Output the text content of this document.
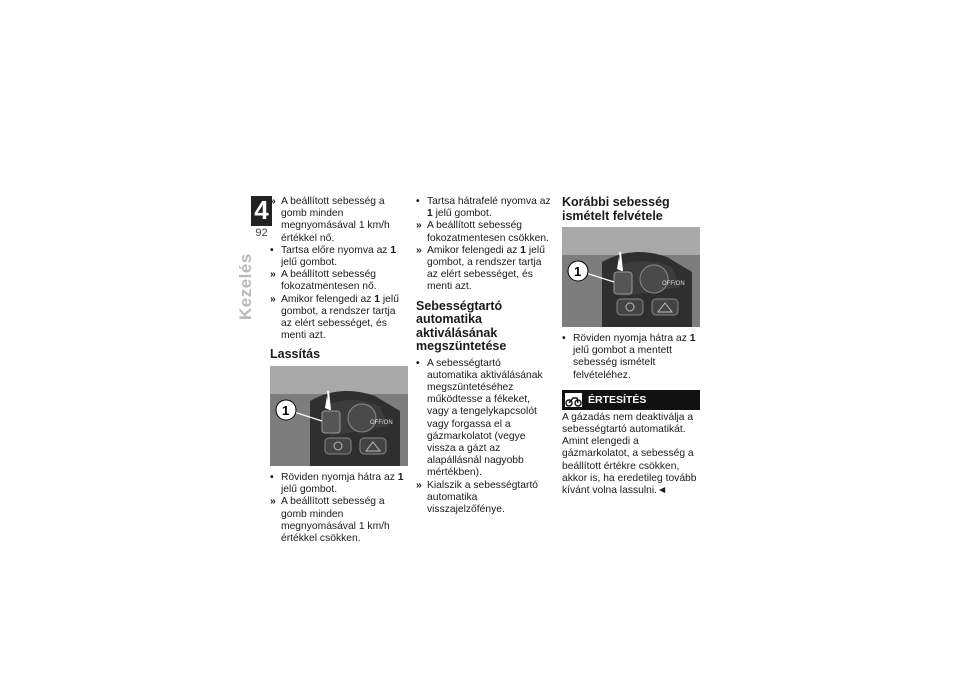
4
92
Kezelés

» A beállított sebesség a gomb minden megnyomásával 1 km/h értékkel nő.

• Tartsa előre nyomva az 1 jelű gombot.

» A beállított sebesség fokozatmentesen nő.

» Amikor felengedi az 1 jelű gombot, a rendszer tartja az elért sebességet, és menti azt.

Lassítás
OFF/ON
1

• Röviden nyomja hátra az 1 jelű gombot.

» A beállított sebesség a gomb minden megnyomásával 1 km/h értékkel csökken.

• Tartsa hátrafelé nyomva az 1 jelű gombot.

» A beállított sebesség fokozatmentesen csökken.

» Amikor felengedi az 1 jelű gombot, a rendszer tartja az elért sebességet, és menti azt.

Sebességtartó automatika aktiválásának megszüntetése

• A sebességtartó automatika aktiválásának megszüntetéséhez működtesse a fékeket, vagy a tengelykapcsolót vagy forgassa el a gázmarkolatot (vegye vissza a gázt az alapállásnál nagyobb mértékben).

» Kialszik a sebességtartó automatika visszajelzőfénye.

Korábbi sebesség ismételt felvétele
OFF/ON
1

• Röviden nyomja hátra az 1 jelű gombot a mentett sebesség ismételt felvételéhez.

ÉRTESÍTÉS

A gázadás nem deaktiválja a sebességtartó automatikát. Amint elengedi a gázmarkolatot, a sebesség a beállított értékre csökken, akkor is, ha eredetileg tovább kívánt volna lassulni.◄
